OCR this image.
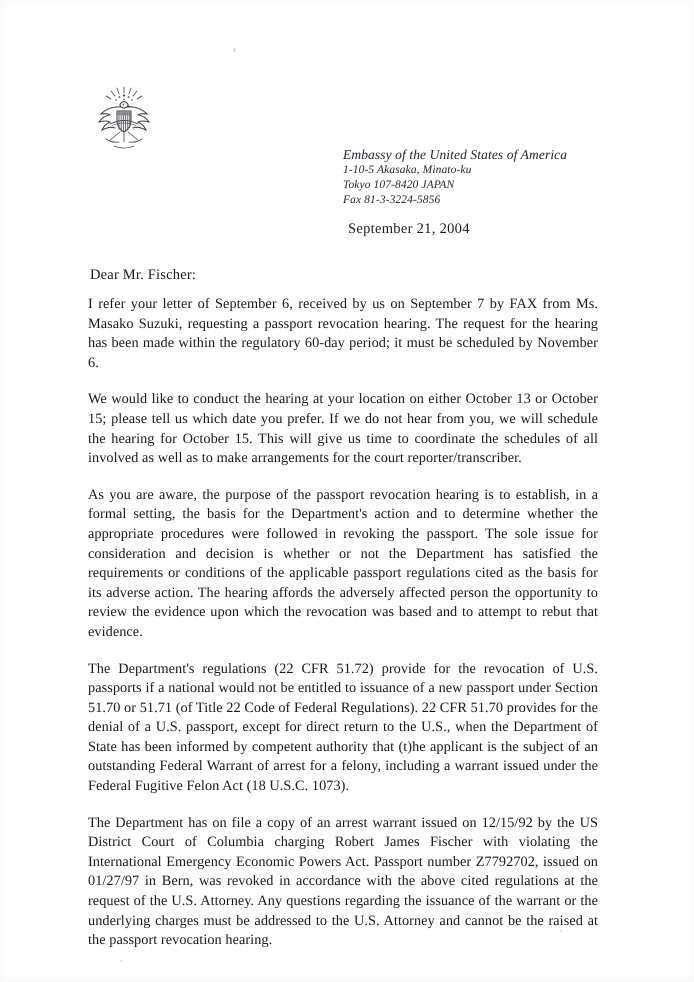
Embassy of the United States of America
1-10-5 Akasaka, Minato-ku
Tokyo 107-8420 JAPAN
Fax 81-3-3224-5856
September 21, 2004
Dear Mr. Fischer:

I refer your letter of September 6, received by us on September 7 by FAX from Ms. Masako Suzuki, requesting a passport revocation hearing. The request for the hearing has been made within the regulatory 60-day period; it must be scheduled by November 6.

We would like to conduct the hearing at your location on either October 13 or October 15; please tell us which date you prefer. If we do not hear from you, we will schedule the hearing for October 15. This will give us time to coordinate the schedules of all involved as well as to make arrangements for the court reporter/transcriber.

As you are aware, the purpose of the passport revocation hearing is to establish, in a formal setting, the basis for the Department's action and to determine whether the appropriate procedures were followed in revoking the passport. The sole issue for consideration and decision is whether or not the Department has satisfied the requirements or conditions of the applicable passport regulations cited as the basis for its adverse action. The hearing affords the adversely affected person the opportunity to review the evidence upon which the revocation was based and to attempt to rebut that evidence.

The Department's regulations (22 CFR 51.72) provide for the revocation of U.S. passports if a national would not be entitled to issuance of a new passport under Section 51.70 or 51.71 (of Title 22 Code of Federal Regulations). 22 CFR 51.70 provides for the denial of a U.S. passport, except for direct return to the U.S., when the Department of State has been informed by competent authority that (t)he applicant is the subject of an outstanding Federal Warrant of arrest for a felony, including a warrant issued under the Federal Fugitive Felon Act (18 U.S.C. 1073).

The Department has on file a copy of an arrest warrant issued on 12/15/92 by the US District Court of Columbia charging Robert James Fischer with violating the International Emergency Economic Powers Act. Passport number Z7792702, issued on 01/27/97 in Bern, was revoked in accordance with the above cited regulations at the request of the U.S. Attorney. Any questions regarding the issuance of the warrant or the underlying charges must be addressed to the U.S. Attorney and cannot be the raised at the passport revocation hearing.
